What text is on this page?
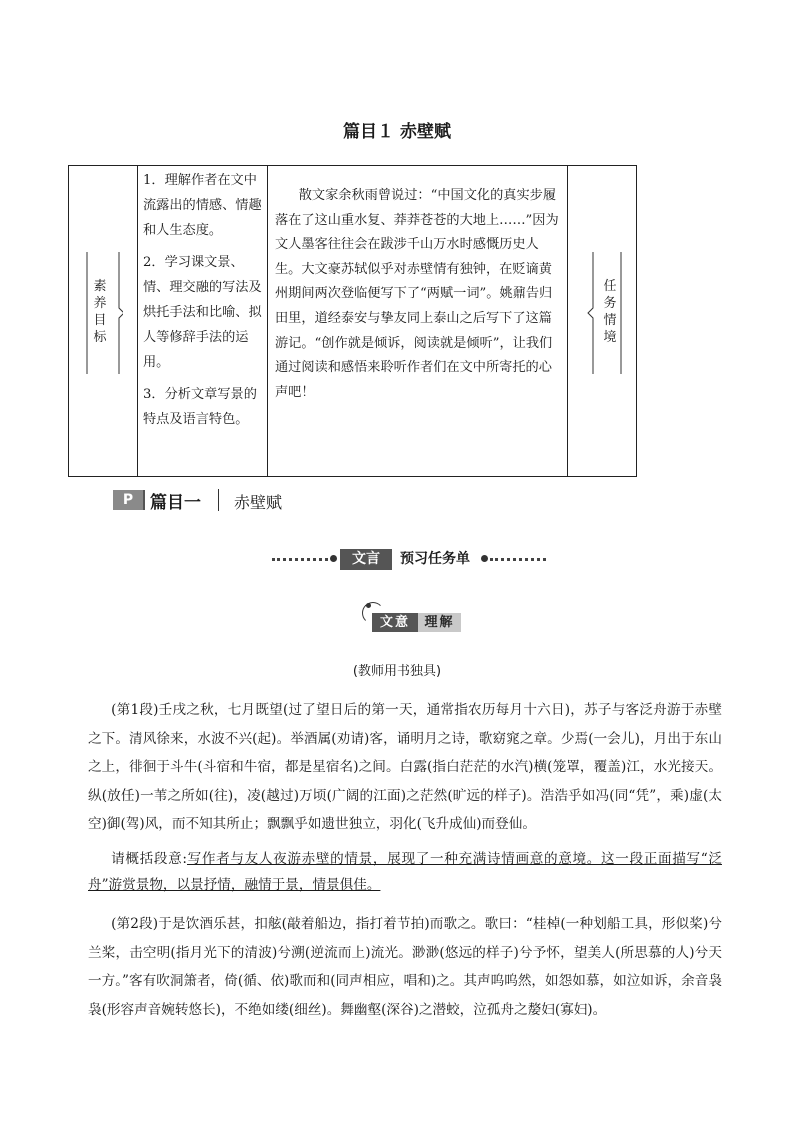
篇目１ 赤壁赋
素养目标

1．理解作者在文中流露出的情感、情趣和人生态度。

2．学习课文景、情、理交融的写法及烘托手法和比喻、拟人等修辞手法的运用。

3．分析文章写景的特点及语言特色。

散文家余秋雨曾说过：“中国文化的真实步履落在了这山重水复、莽莽苍苍的大地上……”因为文人墨客往往会在跋涉千山万水时感慨历史人生。大文豪苏轼似乎对赤壁情有独钟，在贬谪黄州期间两次登临便写下了“两赋一词”。姚鼐告归田里，道经泰安与挚友同上泰山之后写下了这篇游记。“创作就是倾诉，阅读就是倾听”，让我们通过阅读和感悟来聆听作者们在文中所寄托的心声吧！

任务情境
P 篇目一 赤壁赋
文言	预习任务单
文意	理解
(教师用书独具)

(第1段)壬戌之秋，七月既望(过了望日后的第一天，通常指农历每月十六日)，苏子与客泛舟游于赤壁之下。清风徐来，水波不兴(起)。举酒属(劝请)客，诵明月之诗，歌窈窕之章。少焉(一会儿)，月出于东山之上，徘徊于斗牛(斗宿和牛宿，都是星宿名)之间。白露(指白茫茫的水汽)横(笼罩，覆盖)江，水光接天。纵(放任)一苇之所如(往)，凌(越过)万顷(广阔的江面)之茫然(旷远的样子)。浩浩乎如冯(同“凭”，乘)虚(太空)御(驾)风，而不知其所止；飘飘乎如遗世独立，羽化(飞升成仙)而登仙。

请概括段意:写作者与友人夜游赤壁的情景，展现了一种充满诗情画意的意境。这一段正面描写“泛舟”游赏景物，以景抒情，融情于景，情景俱佳。

(第2段)于是饮酒乐甚，扣舷(敲着船边，指打着节拍)而歌之。歌曰：“桂棹(一种划船工具，形似桨)兮兰桨，击空明(指月光下的清波)兮溯(逆流而上)流光。渺渺(悠远的样子)兮予怀，望美人(所思慕的人)兮天一方。”客有吹洞箫者，倚(循、依)歌而和(同声相应，唱和)之。其声呜呜然，如怨如慕，如泣如诉，余音袅袅(形容声音婉转悠长)，不绝如缕(细丝)。舞幽壑(深谷)之潜蛟，泣孤舟之嫠妇(寡妇)。
